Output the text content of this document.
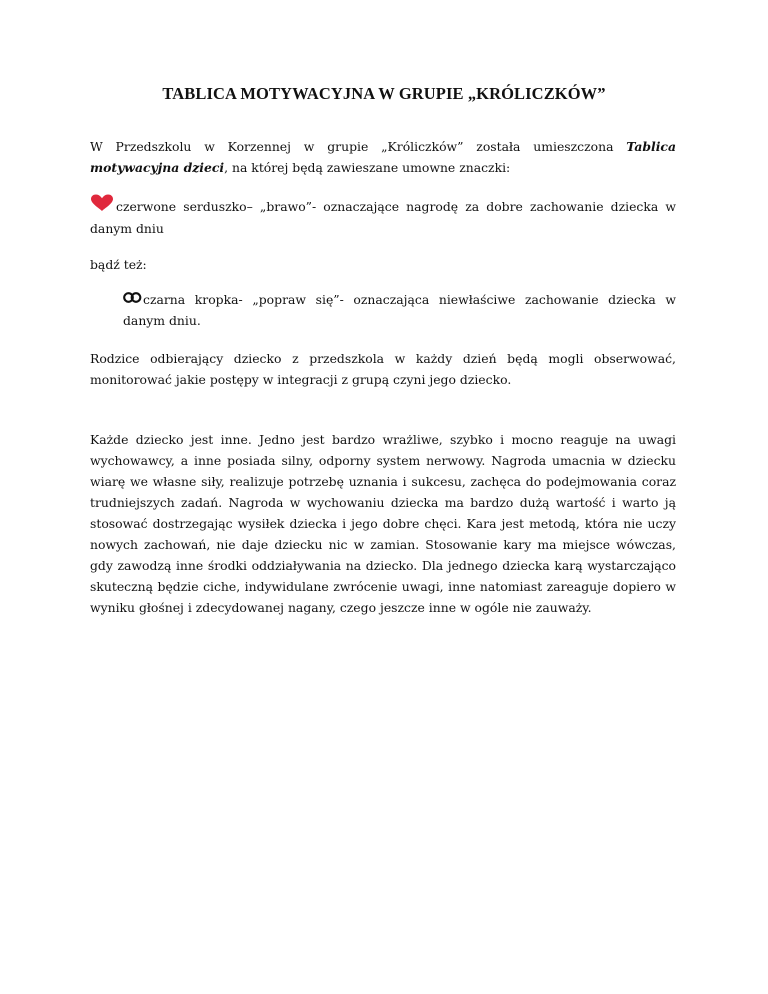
TABLICA MOTYWACYJNA W GRUPIE „KRÓLICZKÓW”

W Przedszkolu w Korzennej w grupie „Króliczków” została umieszczona Tablica motywacyjna dzieci, na której będą zawieszane umowne znaczki:

czerwone serduszko– „brawo”- oznaczające nagrodę za dobre zachowanie dziecka w danym dniu

bądź też:

czarna kropka- „popraw się”- oznaczająca niewłaściwe zachowanie dziecka w danym dniu.

Rodzice odbierający dziecko z przedszkola w każdy dzień będą mogli obserwować, monitorować jakie postępy w integracji z grupą czyni jego dziecko.

Każde dziecko jest inne. Jedno jest bardzo wrażliwe, szybko i mocno reaguje na uwagi wychowawcy, a inne posiada silny, odporny system nerwowy. Nagroda umacnia w dziecku wiarę we własne siły, realizuje potrzebę uznania i sukcesu, zachęca do podejmowania coraz trudniejszych zadań. Nagroda w wychowaniu dziecka ma bardzo dużą wartość i warto ją stosować dostrzegając wysiłek dziecka i jego dobre chęci. Kara jest metodą, która nie uczy nowych zachowań, nie daje dziecku nic w zamian. Stosowanie kary ma miejsce wówczas, gdy zawodzą inne środki oddziaływania na dziecko. Dla jednego dziecka karą wystarczająco skuteczną będzie ciche, indywidulane zwrócenie uwagi, inne natomiast zareaguje dopiero w wyniku głośnej i zdecydowanej nagany, czego jeszcze inne w ogóle nie zauważy.
